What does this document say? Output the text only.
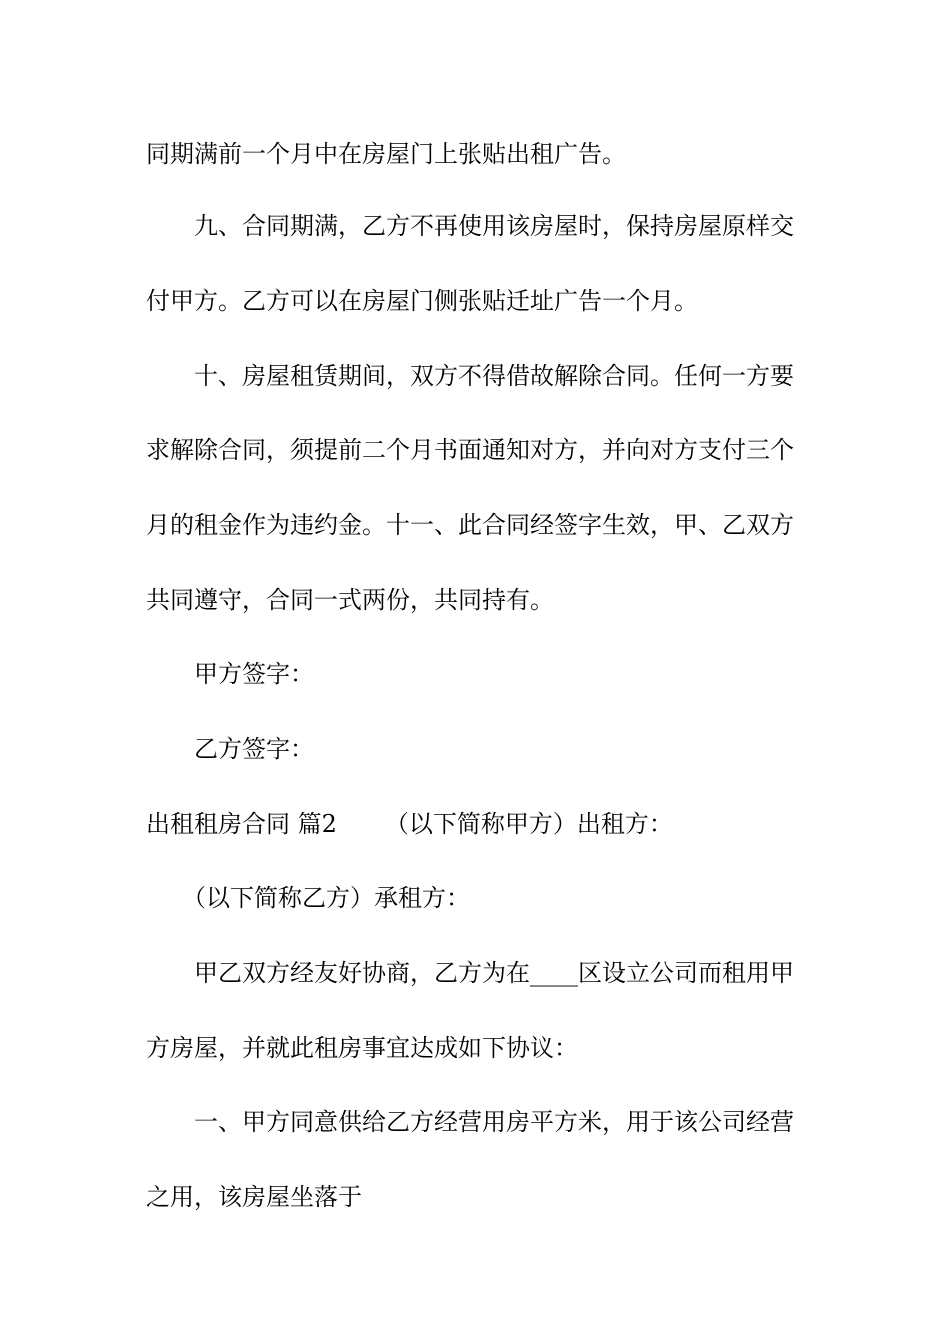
同期满前一个月中在房屋门上张贴出租广告。
九、合同期满，乙方不再使用该房屋时，保持房屋原样交
付甲方。乙方可以在房屋门侧张贴迁址广告一个月。
十、房屋租赁期间，双方不得借故解除合同。任何一方要
求解除合同，须提前二个月书面通知对方，并向对方支付三个
月的租金作为违约金。十一、此合同经签字生效，甲、乙双方
共同遵守，合同一式两份，共同持有。
甲方签字：
乙方签字：
出租租房合同 篇2 （以下简称甲方）出租方：
（以下简称乙方）承租方：
甲乙双方经友好协商，乙方为在____区设立公司而租用甲
方房屋，并就此租房事宜达成如下协议：
一、甲方同意供给乙方经营用房平方米，用于该公司经营
之用，该房屋坐落于
